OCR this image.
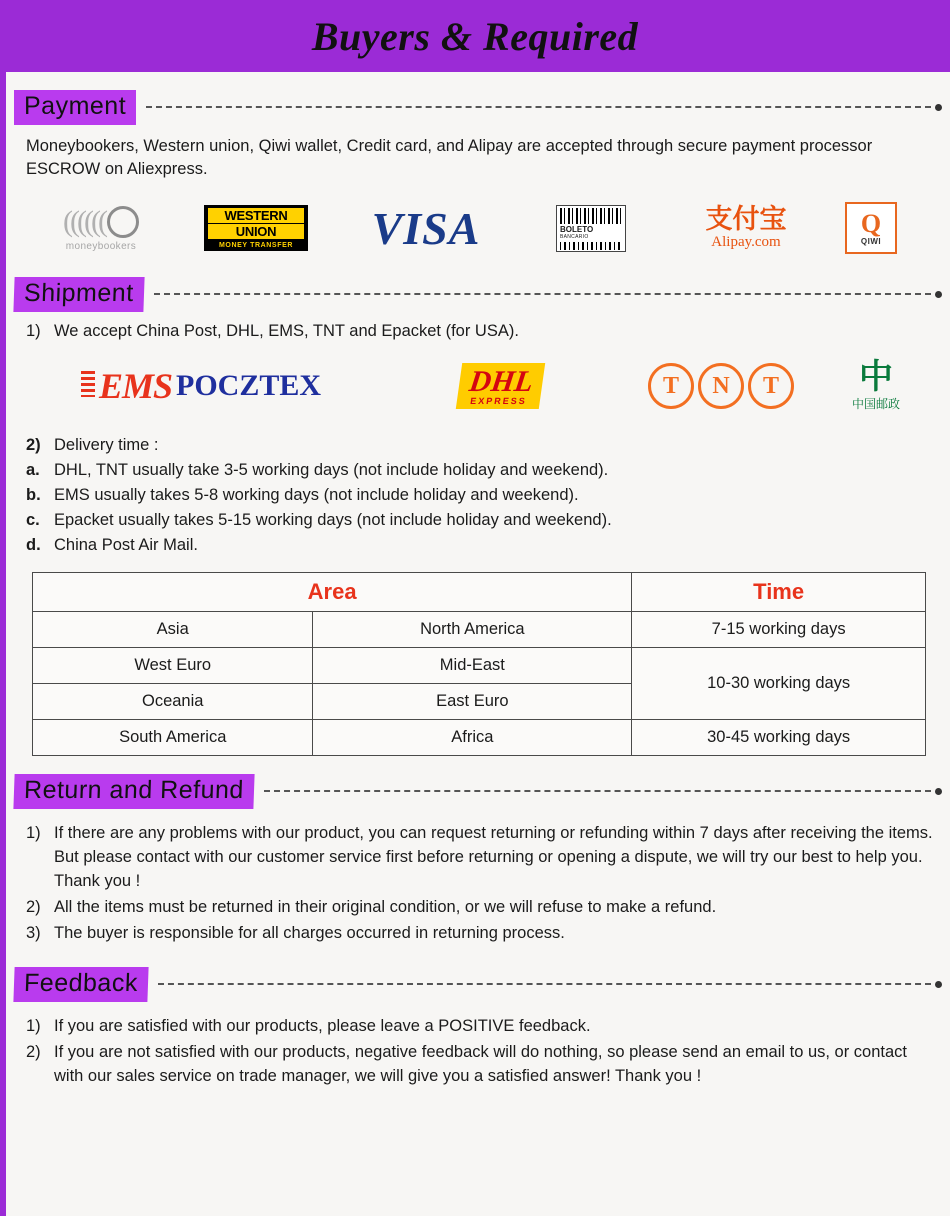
Buyers & Required
Payment
Moneybookers, Western union, Qiwi wallet, Credit card, and Alipay are accepted through secure payment processor ESCROW on Aliexpress.
((((((
moneybookers
WESTERN
UNION
MONEY TRANSFER VISA	BOLETO
BANCARIO
支付宝
Alipay.com
Q
QIWI
Shipment
1) We accept China Post, DHL, EMS, TNT and Epacket (for USA).
EMS POCZTEX	DHL
EXPRESS
T	N	T	中
中国邮政
2) Delivery time :
a. DHL, TNT usually take 3-5 working days (not include holiday and weekend).
b. EMS usually takes 5-8 working days (not include holiday and weekend).
c. Epacket usually takes 5-15 working days (not include holiday and weekend).
d. China Post Air Mail.
Area		Time
Asia	North America	7-15 working days
West Euro	Mid-East	10-30 working days
Oceania	East Euro	
South America	Africa	30-45 working days
Return and Refund
1) If there are any problems with our product, you can request returning or refunding within 7 days after receiving the items. But please contact with our customer service first before returning or opening a dispute, we will try our best to help you. Thank you !
2) All the items must be returned in their original condition, or we will refuse to make a refund.
3) The buyer is responsible for all charges occurred in returning process.
Feedback
1) If you are satisfied with our products, please leave a POSITIVE feedback.
2) If you are not satisfied with our products, negative feedback will do nothing, so please send an email to us, or contact with our sales service on trade manager, we will give you a satisfied answer! Thank you !
